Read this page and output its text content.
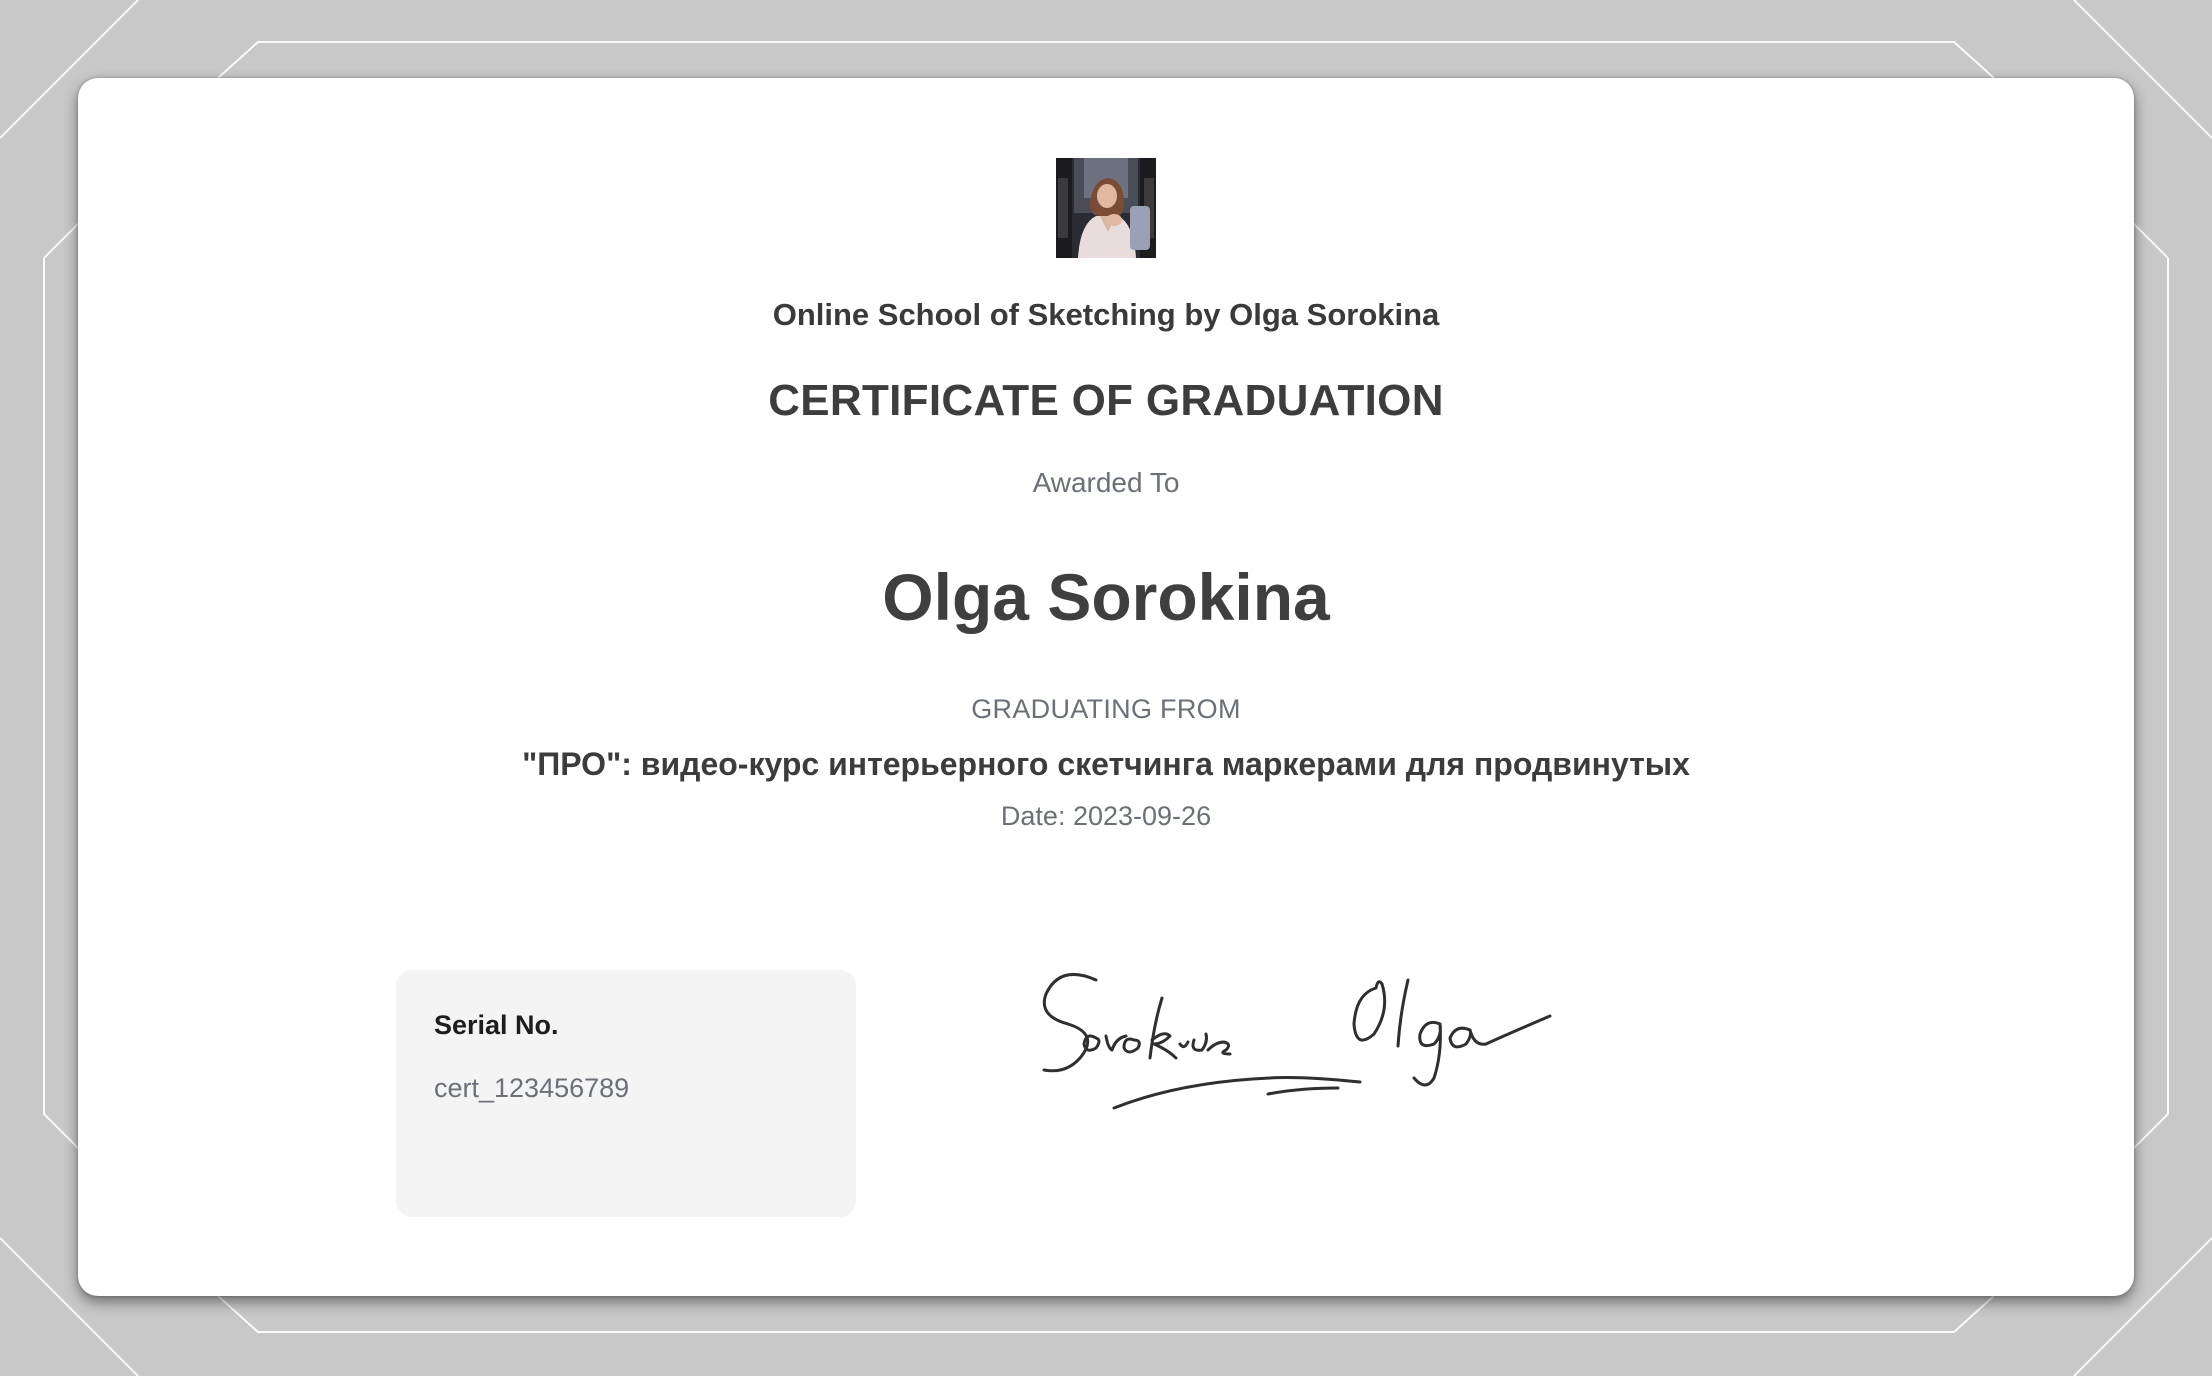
Online School of Sketching by Olga Sorokina
CERTIFICATE OF GRADUATION
Awarded To
Olga Sorokina
GRADUATING FROM
"ПРО": видео-курс интерьерного скетчинга маркерами для продвинутых
Date: 2023-09-26
Serial No.
cert_123456789
